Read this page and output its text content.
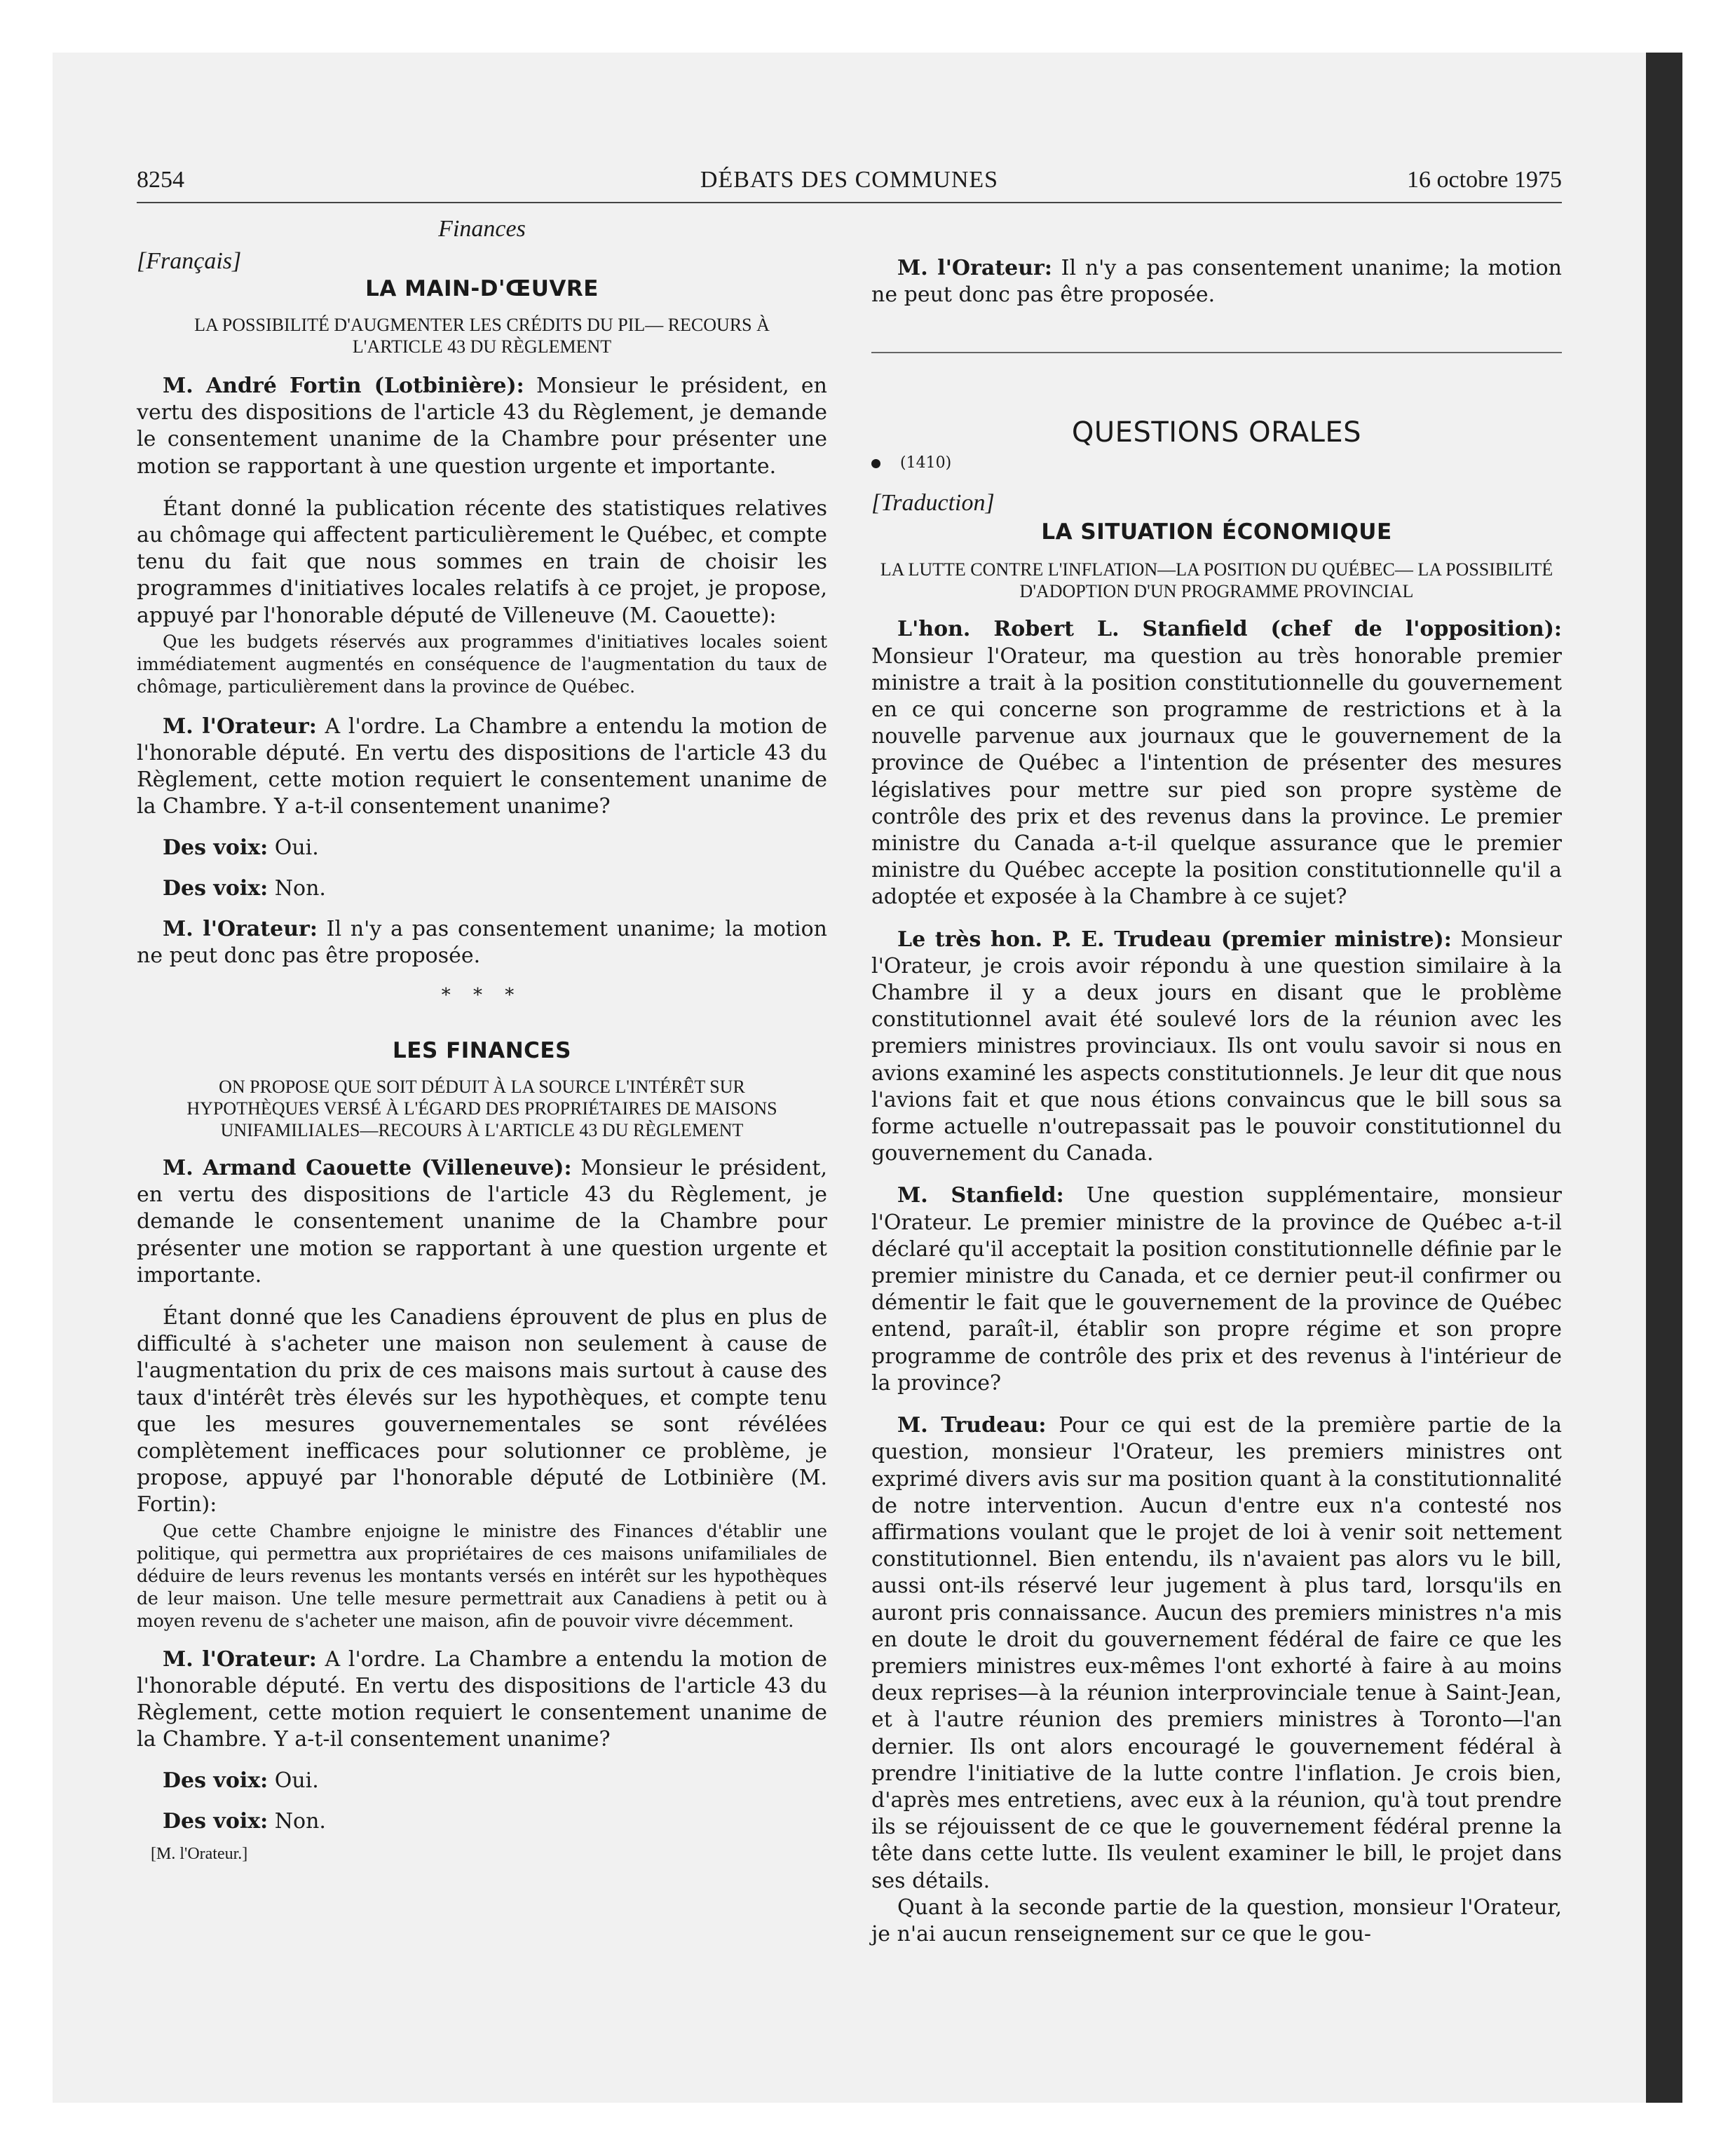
8254	DÉBATS DES COMMUNES	16 octobre 1975
Finances
[Français]
LA MAIN-D'ŒUVRE
LA POSSIBILITÉ D'AUGMENTER LES CRÉDITS DU PIL— RECOURS À L'ARTICLE 43 DU RÈGLEMENT

M. André Fortin (Lotbinière): Monsieur le président, en vertu des dispositions de l'article 43 du Règlement, je demande le consentement unanime de la Chambre pour présenter une motion se rapportant à une question urgente et importante.

Étant donné la publication récente des statistiques relatives au chômage qui affectent particulièrement le Québec, et compte tenu du fait que nous sommes en train de choisir les programmes d'initiatives locales relatifs à ce projet, je propose, appuyé par l'honorable député de Villeneuve (M. Caouette):

Que les budgets réservés aux programmes d'initiatives locales soient immédiatement augmentés en conséquence de l'augmentation du taux de chômage, particulièrement dans la province de Québec.

M. l'Orateur: A l'ordre. La Chambre a entendu la motion de l'honorable député. En vertu des dispositions de l'article 43 du Règlement, cette motion requiert le consentement unanime de la Chambre. Y a-t-il consentement unanime?

Des voix: Oui.

Des voix: Non.

M. l'Orateur: Il n'y a pas consentement unanime; la motion ne peut donc pas être proposée.

* * *
LES FINANCES
ON PROPOSE QUE SOIT DÉDUIT À LA SOURCE L'INTÉRÊT SUR HYPOTHÈQUES VERSÉ À L'ÉGARD DES PROPRIÉTAIRES DE MAISONS UNIFAMILIALES—RECOURS À L'ARTICLE 43 DU RÈGLEMENT

M. Armand Caouette (Villeneuve): Monsieur le président, en vertu des dispositions de l'article 43 du Règlement, je demande le consentement unanime de la Chambre pour présenter une motion se rapportant à une question urgente et importante.

Étant donné que les Canadiens éprouvent de plus en plus de difficulté à s'acheter une maison non seulement à cause de l'augmentation du prix de ces maisons mais surtout à cause des taux d'intérêt très élevés sur les hypothèques, et compte tenu que les mesures gouvernementales se sont révélées complètement inefficaces pour solutionner ce problème, je propose, appuyé par l'honorable député de Lotbinière (M. Fortin):

Que cette Chambre enjoigne le ministre des Finances d'établir une politique, qui permettra aux propriétaires de ces maisons unifamiliales de déduire de leurs revenus les montants versés en intérêt sur les hypothèques de leur maison. Une telle mesure permettrait aux Canadiens à petit ou à moyen revenu de s'acheter une maison, afin de pouvoir vivre décemment.

M. l'Orateur: A l'ordre. La Chambre a entendu la motion de l'honorable député. En vertu des dispositions de l'article 43 du Règlement, cette motion requiert le consentement unanime de la Chambre. Y a-t-il consentement unanime?

Des voix: Oui.

Des voix: Non.

[M. l'Orateur.]

M. l'Orateur: Il n'y a pas consentement unanime; la motion ne peut donc pas être proposée.

QUESTIONS ORALES
(1410)
[Traduction]
LA SITUATION ÉCONOMIQUE
LA LUTTE CONTRE L'INFLATION—LA POSITION DU QUÉBEC— LA POSSIBILITÉ D'ADOPTION D'UN PROGRAMME PROVINCIAL

L'hon. Robert L. Stanfield (chef de l'opposition): Monsieur l'Orateur, ma question au très honorable premier ministre a trait à la position constitutionnelle du gouvernement en ce qui concerne son programme de restrictions et à la nouvelle parvenue aux journaux que le gouvernement de la province de Québec a l'intention de présenter des mesures législatives pour mettre sur pied son propre système de contrôle des prix et des revenus dans la province. Le premier ministre du Canada a-t-il quelque assurance que le premier ministre du Québec accepte la position constitutionnelle qu'il a adoptée et exposée à la Chambre à ce sujet?

Le très hon. P. E. Trudeau (premier ministre): Monsieur l'Orateur, je crois avoir répondu à une question similaire à la Chambre il y a deux jours en disant que le problème constitutionnel avait été soulevé lors de la réunion avec les premiers ministres provinciaux. Ils ont voulu savoir si nous en avions examiné les aspects constitutionnels. Je leur dit que nous l'avions fait et que nous étions convaincus que le bill sous sa forme actuelle n'outrepassait pas le pouvoir constitutionnel du gouvernement du Canada.

M. Stanfield: Une question supplémentaire, monsieur l'Orateur. Le premier ministre de la province de Québec a-t-il déclaré qu'il acceptait la position constitutionnelle définie par le premier ministre du Canada, et ce dernier peut-il confirmer ou démentir le fait que le gouvernement de la province de Québec entend, paraît-il, établir son propre régime et son propre programme de contrôle des prix et des revenus à l'intérieur de la province?

M. Trudeau: Pour ce qui est de la première partie de la question, monsieur l'Orateur, les premiers ministres ont exprimé divers avis sur ma position quant à la constitutionnalité de notre intervention. Aucun d'entre eux n'a contesté nos affirmations voulant que le projet de loi à venir soit nettement constitutionnel. Bien entendu, ils n'avaient pas alors vu le bill, aussi ont-ils réservé leur jugement à plus tard, lorsqu'ils en auront pris connaissance. Aucun des premiers ministres n'a mis en doute le droit du gouvernement fédéral de faire ce que les premiers ministres eux-mêmes l'ont exhorté à faire à au moins deux reprises—à la réunion interprovinciale tenue à Saint-Jean, et à l'autre réunion des premiers ministres à Toronto—l'an dernier. Ils ont alors encouragé le gouvernement fédéral à prendre l'initiative de la lutte contre l'inflation. Je crois bien, d'après mes entretiens, avec eux à la réunion, qu'à tout prendre ils se réjouissent de ce que le gouvernement fédéral prenne la tête dans cette lutte. Ils veulent examiner le bill, le projet dans ses détails.

Quant à la seconde partie de la question, monsieur l'Orateur, je n'ai aucun renseignement sur ce que le gou-
